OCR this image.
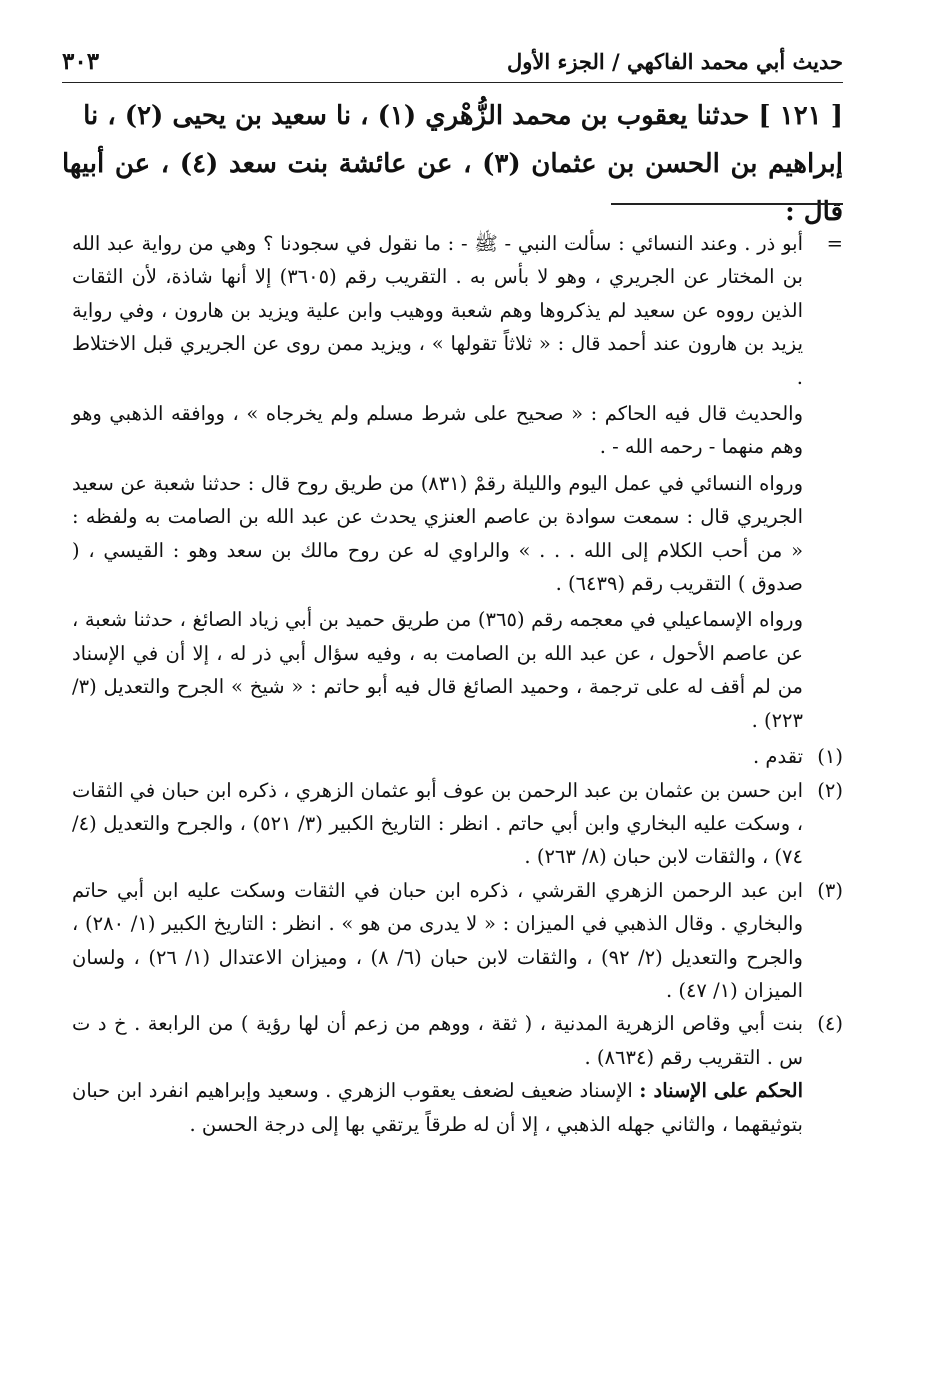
٣٠٣	حديث أبي محمد الفاكهي / الجزء الأول

[ ١٢١ ] حدثنا يعقوب بن محمد الزُّهْري (١) ، نا سعيد بن يحيى (٢) ، نا

إبراهيم بن الحسن بن عثمان (٣) ، عن عائشة بنت سعد (٤) ، عن أبيها قال :

=

أبو ذر . وعند النسائي : سألت النبي - ﷺ - : ما نقول في سجودنا ؟ وهي من رواية عبد الله بن المختار عن الجريري ، وهو لا بأس به . التقريب رقم (٣٦٠٥) إلا أنها شاذة، لأن الثقات الذين رووه عن سعيد لم يذكروها وهم شعبة ووهيب وابن علية ويزيد بن هارون ، وفي رواية يزيد بن هارون عند أحمد قال : « ثلاثاً تقولها » ، ويزيد ممن روى عن الجريري قبل الاختلاط .

والحديث قال فيه الحاكم : « صحيح على شرط مسلم ولم يخرجاه » ، ووافقه الذهبي وهو وهم منهما - رحمه الله - .

ورواه النسائي في عمل اليوم والليلة رقمْ (٨٣١) من طريق روح قال : حدثنا شعبة عن سعيد الجريري قال : سمعت سوادة بن عاصم العنزي يحدث عن عبد الله بن الصامت به ولفظه : « من أحب الكلام إلى الله . . . » والراوي له عن روح مالك بن سعد وهو : القيسي ، ( صدوق ) التقريب رقم (٦٤٣٩) .

ورواه الإسماعيلي في معجمه رقم (٣٦٥) من طريق حميد بن أبي زياد الصائغ ، حدثنا شعبة ، عن عاصم الأحول ، عن عبد الله بن الصامت به ، وفيه سؤال أبي ذر له ، إلا أن في الإسناد من لم أقف له على ترجمة ، وحميد الصائغ قال فيه أبو حاتم : « شيخ » الجرح والتعديل (٣/ ٢٢٣) .

(١)
تقدم .
(٢)
ابن حسن بن عثمان بن عبد الرحمن بن عوف أبو عثمان الزهري ، ذكره ابن حبان في الثقات ، وسكت عليه البخاري وابن أبي حاتم . انظر : التاريخ الكبير (٣/ ٥٢١) ، والجرح والتعديل (٤/ ٧٤) ، والثقات لابن حبان (٨/ ٢٦٣) .
(٣)
ابن عبد الرحمن الزهري القرشي ، ذكره ابن حبان في الثقات وسكت عليه ابن أبي حاتم والبخاري . وقال الذهبي في الميزان : « لا يدرى من هو » . انظر : التاريخ الكبير (١/ ٢٨٠) ، والجرح والتعديل (٢/ ٩٢) ، والثقات لابن حبان (٦/ ٨) ، وميزان الاعتدال (١/ ٢٦) ، ولسان الميزان (١/ ٤٧) .
(٤)
بنت أبي وقاص الزهرية المدنية ، ( ثقة ، ووهم من زعم أن لها رؤية ) من الرابعة . خ د ت س . التقريب رقم (٨٦٣٤) .

الحكم على الإسناد : الإسناد ضعيف لضعف يعقوب الزهري . وسعيد وإبراهيم انفرد ابن حبان بتوثيقهما ، والثاني جهله الذهبي ، إلا أن له طرقاً يرتقي بها إلى درجة الحسن .
